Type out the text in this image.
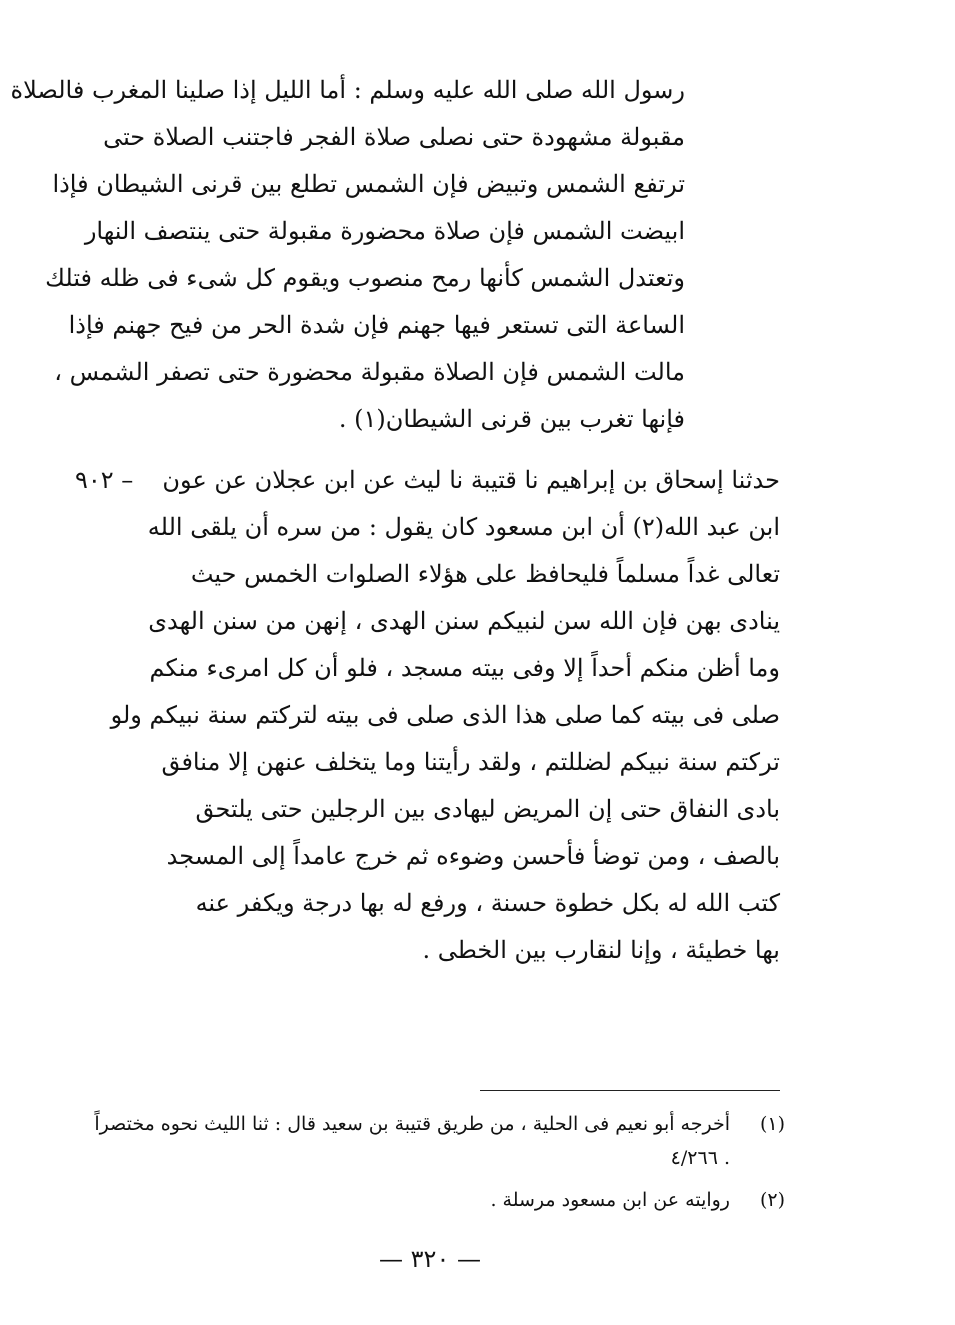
رسول الله صلى الله عليه وسلم : أما الليل إذا صلينا المغرب فالصلاة
مقبولة مشهودة حتى نصلى صلاة الفجر فاجتنب الصلاة حتى
ترتفع الشمس وتبيض فإن الشمس تطلع بين قرنى الشيطان فإذا
ابيضت الشمس فإن صلاة محضورة مقبولة حتى ينتصف النهار
وتعتدل الشمس كأنها رمح منصوب ويقوم كل شىء فى ظله فتلك
الساعة التى تستعر فيها جهنم فإن شدة الحر من فيح جهنم فإذا
مالت الشمس فإن الصلاة مقبولة محضورة حتى تصفر الشمس ،
فإنها تغرب بين قرنى الشيطان(١) .
٩٠٢ –	حدثنا إسحاق بن إبراهيم نا قتيبة نا ليث عن ابن عجلان عن عون
ابن عبد الله(٢) أن ابن مسعود كان يقول : من سره أن يلقى الله
تعالى غداً مسلماً فليحافظ على هؤلاء الصلوات الخمس حيث
ينادى بهن فإن الله سن لنبيكم سنن الهدى ، إنهن من سنن الهدى
وما أظن منكم أحداً إلا وفى بيته مسجد ، فلو أن كل امرىء منكم
صلى فى بيته كما صلى هذا الذى صلى فى بيته لتركتم سنة نبيكم ولو
تركتم سنة نبيكم لضللتم ، ولقد رأيتنا وما يتخلف عنهن إلا منافق
بادى النفاق حتى إن المريض ليهادى بين الرجلين حتى يلتحق
بالصف ، ومن توضأ فأحسن وضوءه ثم خرج عامداً إلى المسجد
كتب الله له بكل خطوة حسنة ، ورفع له بها درجة ويكفر عنه
بها خطيئة ، وإنا لنقارب بين الخطى .
(١)
أخرجه أبو نعيم فى الحلية ، من طريق قتيبة بن سعيد قال : ثنا الليث نحوه مختصراً
٤/٢٦٦ .
(٢)
روايته عن ابن مسعود مرسلة .
— ٣٢٠ —
